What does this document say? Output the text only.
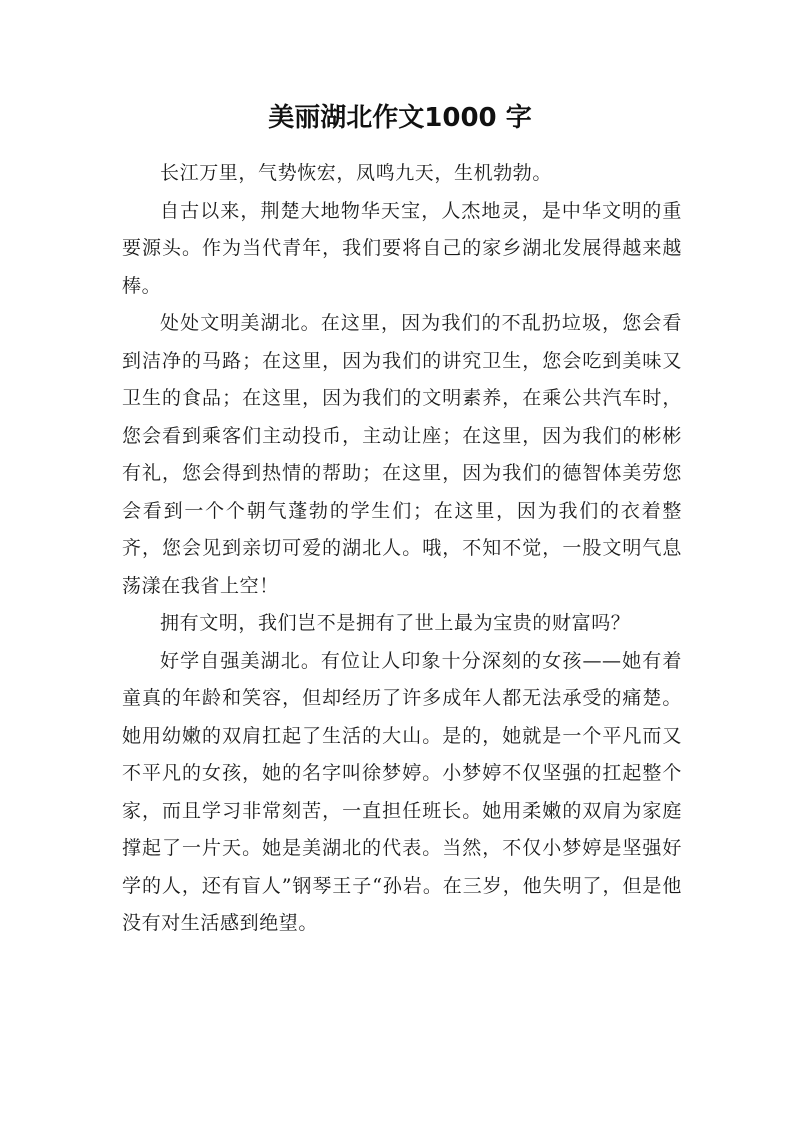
美丽湖北作文1000 字

长江万里，气势恢宏，凤鸣九天，生机勃勃。

自古以来，荆楚大地物华天宝，人杰地灵，是中华文明的重要源头。作为当代青年，我们要将自己的家乡湖北发展得越来越棒。

处处文明美湖北。在这里，因为我们的不乱扔垃圾，您会看到洁净的马路；在这里，因为我们的讲究卫生，您会吃到美味又卫生的食品；在这里，因为我们的文明素养，在乘公共汽车时，您会看到乘客们主动投币，主动让座；在这里，因为我们的彬彬有礼，您会得到热情的帮助；在这里，因为我们的德智体美劳您会看到一个个朝气蓬勃的学生们；在这里，因为我们的衣着整齐，您会见到亲切可爱的湖北人。哦，不知不觉，一股文明气息荡漾在我省上空！

拥有文明，我们岂不是拥有了世上最为宝贵的财富吗？

好学自强美湖北。有位让人印象十分深刻的女孩——她有着童真的年龄和笑容，但却经历了许多成年人都无法承受的痛楚。她用幼嫩的双肩扛起了生活的大山。是的，她就是一个平凡而又不平凡的女孩，她的名字叫徐梦婷。小梦婷不仅坚强的扛起整个家，而且学习非常刻苦，一直担任班长。她用柔嫩的双肩为家庭撑起了一片天。她是美湖北的代表。当然，不仅小梦婷是坚强好学的人，还有盲人”钢琴王子“孙岩。在三岁，他失明了，但是他没有对生活感到绝望。
